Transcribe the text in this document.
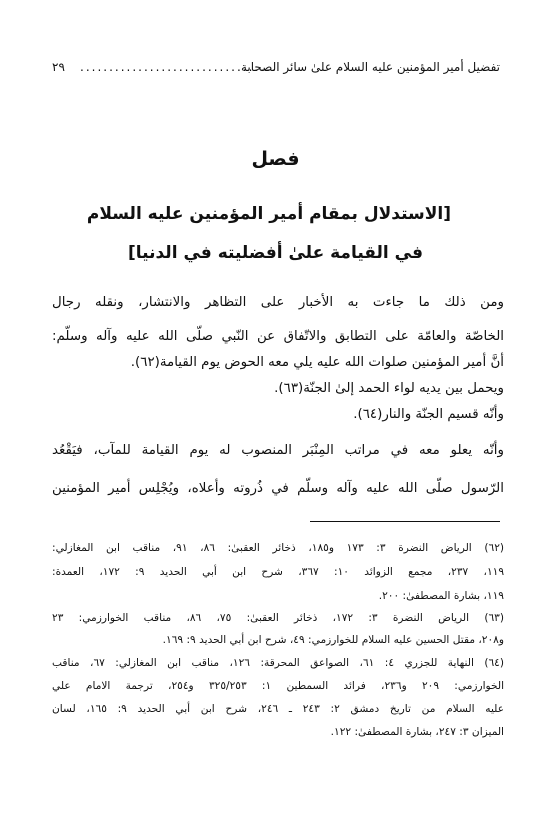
تفضيل أمير المؤمنين عليه السلام علىٰ سائر الصحابة
..................................
٢٩
فصل
[الاستدلال بمقام أمير المؤمنين عليه السلام
في القيامة علىٰ أفضليته في الدنيا]
ومن ذلك ما جاءت به الأخبار على التظاهر والانتشار، ونقله رجال
الخاصّة والعامّة على التطابق والاتّفاق عن النّبي صلّى الله عليه وآله وسلّم:
أنَّ أمير المؤمنين صلوات الله عليه يلي معه الحوض يوم القيامة(٦٢).
ويحمل بين يديه لواء الحمد إلىٰ الجنّة(٦٣).
وأنّه قسيم الجنّة والنار(٦٤).
وأنّه يعلو معه في مراتب المِنْبَر المنصوب له يوم القيامة للمآب، فيَقْعُد
الرّسول صلّى الله عليه وآله وسلّم في ذُروته وأعلاه، ويُجْلِس أمير المؤمنين
(٦٢) الرياض النضرة ٣: ١٧٣ و١٨٥، ذخائر العقبىٰ: ٨٦، ٩١، مناقب ابن المغازلي:
١١٩، ٢٣٧، مجمع الزوائد ١٠: ٣٦٧، شرح ابن أبي الحديد ٩: ١٧٢، العمدة:
١١٩، بشارة المصطفىٰ: ٢٠٠.
(٦٣) الرياض النضرة ٣: ١٧٢، ذخائر العقبىٰ: ٧٥، ٨٦، مناقب الخوارزمي: ٢٣
و٢٠٨، مقتل الحسين عليه السلام للخوارزمي: ٤٩، شرح ابن أبي الحديد ٩: ١٦٩.
(٦٤) النهاية للجزري ٤: ٦١، الصواعق المحرقة: ١٢٦، مناقب ابن المغازلي: ٦٧، مناقب
الخوارزمي: ٢٠٩ و٢٣٦، فرائد السمطين ١: ٣٢٥/٢٥٣ و٢٥٤، ترجمة الامام علي
عليه السلام من تاريخ دمشق ٢: ٢٤٣ ـ ٢٤٦، شرح ابن أبي الحديد ٩: ١٦٥، لسان
الميزان ٣: ٢٤٧، بشارة المصطفىٰ: ١٢٢.
